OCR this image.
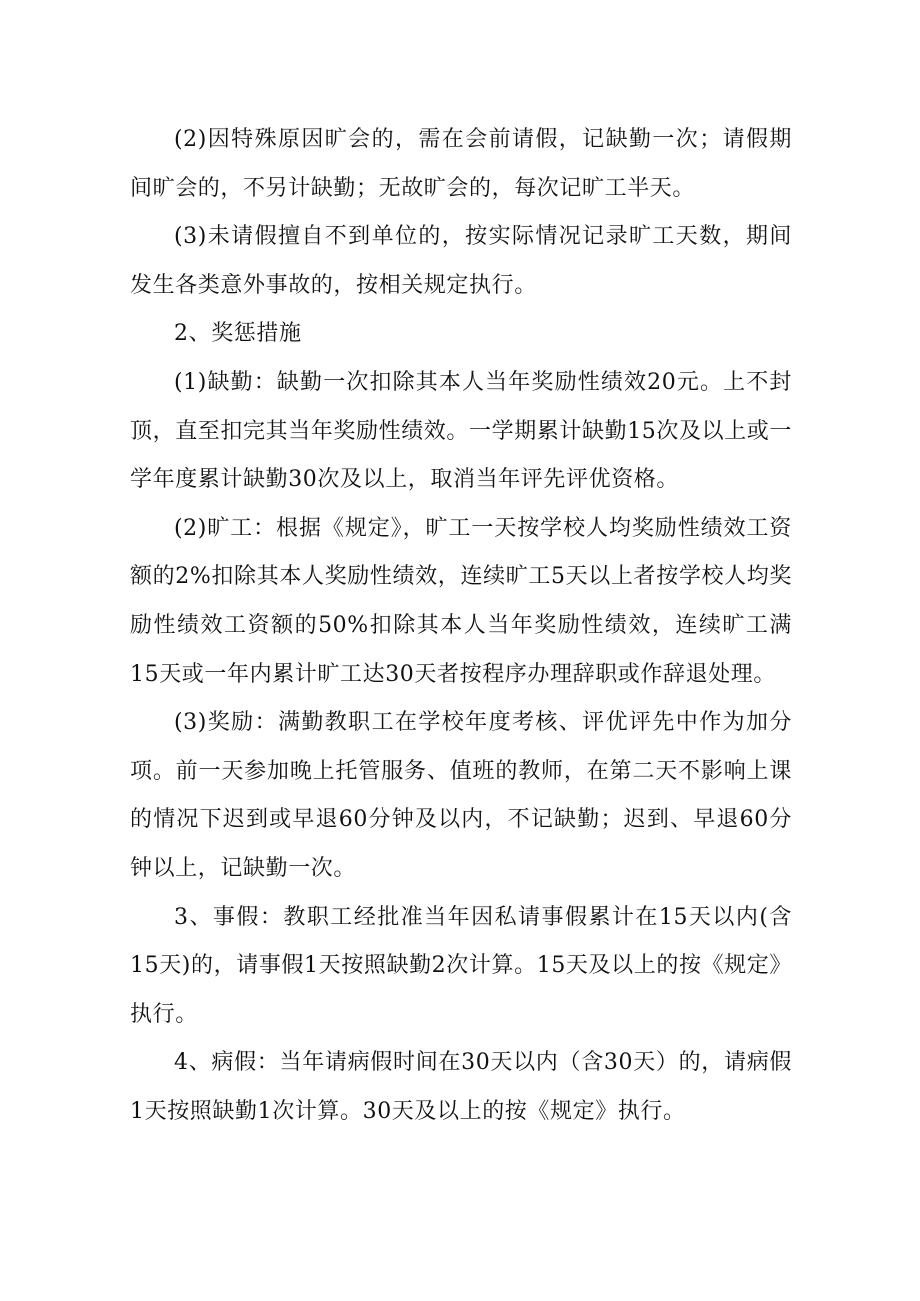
(2)因特殊原因旷会的，需在会前请假，记缺勤一次；请假期间旷会的，不另计缺勤；无故旷会的，每次记旷工半天。

(3)未请假擅自不到单位的，按实际情况记录旷工天数，期间发生各类意外事故的，按相关规定执行。

2、奖惩措施

(1)缺勤：缺勤一次扣除其本人当年奖励性绩效20元。上不封顶，直至扣完其当年奖励性绩效。一学期累计缺勤15次及以上或一学年度累计缺勤30次及以上，取消当年评先评优资格。

(2)旷工：根据《规定》，旷工一天按学校人均奖励性绩效工资额的2%扣除其本人奖励性绩效，连续旷工5天以上者按学校人均奖励性绩效工资额的50%扣除其本人当年奖励性绩效，连续旷工满15天或一年内累计旷工达30天者按程序办理辞职或作辞退处理。

(3)奖励：满勤教职工在学校年度考核、评优评先中作为加分项。前一天参加晚上托管服务、值班的教师，在第二天不影响上课的情况下迟到或早退60分钟及以内，不记缺勤；迟到、早退60分钟以上，记缺勤一次。

3、事假：教职工经批准当年因私请事假累计在15天以内(含15天)的，请事假1天按照缺勤2次计算。15天及以上的按《规定》执行。

4、病假：当年请病假时间在30天以内（含30天）的，请病假1天按照缺勤1次计算。30天及以上的按《规定》执行。
